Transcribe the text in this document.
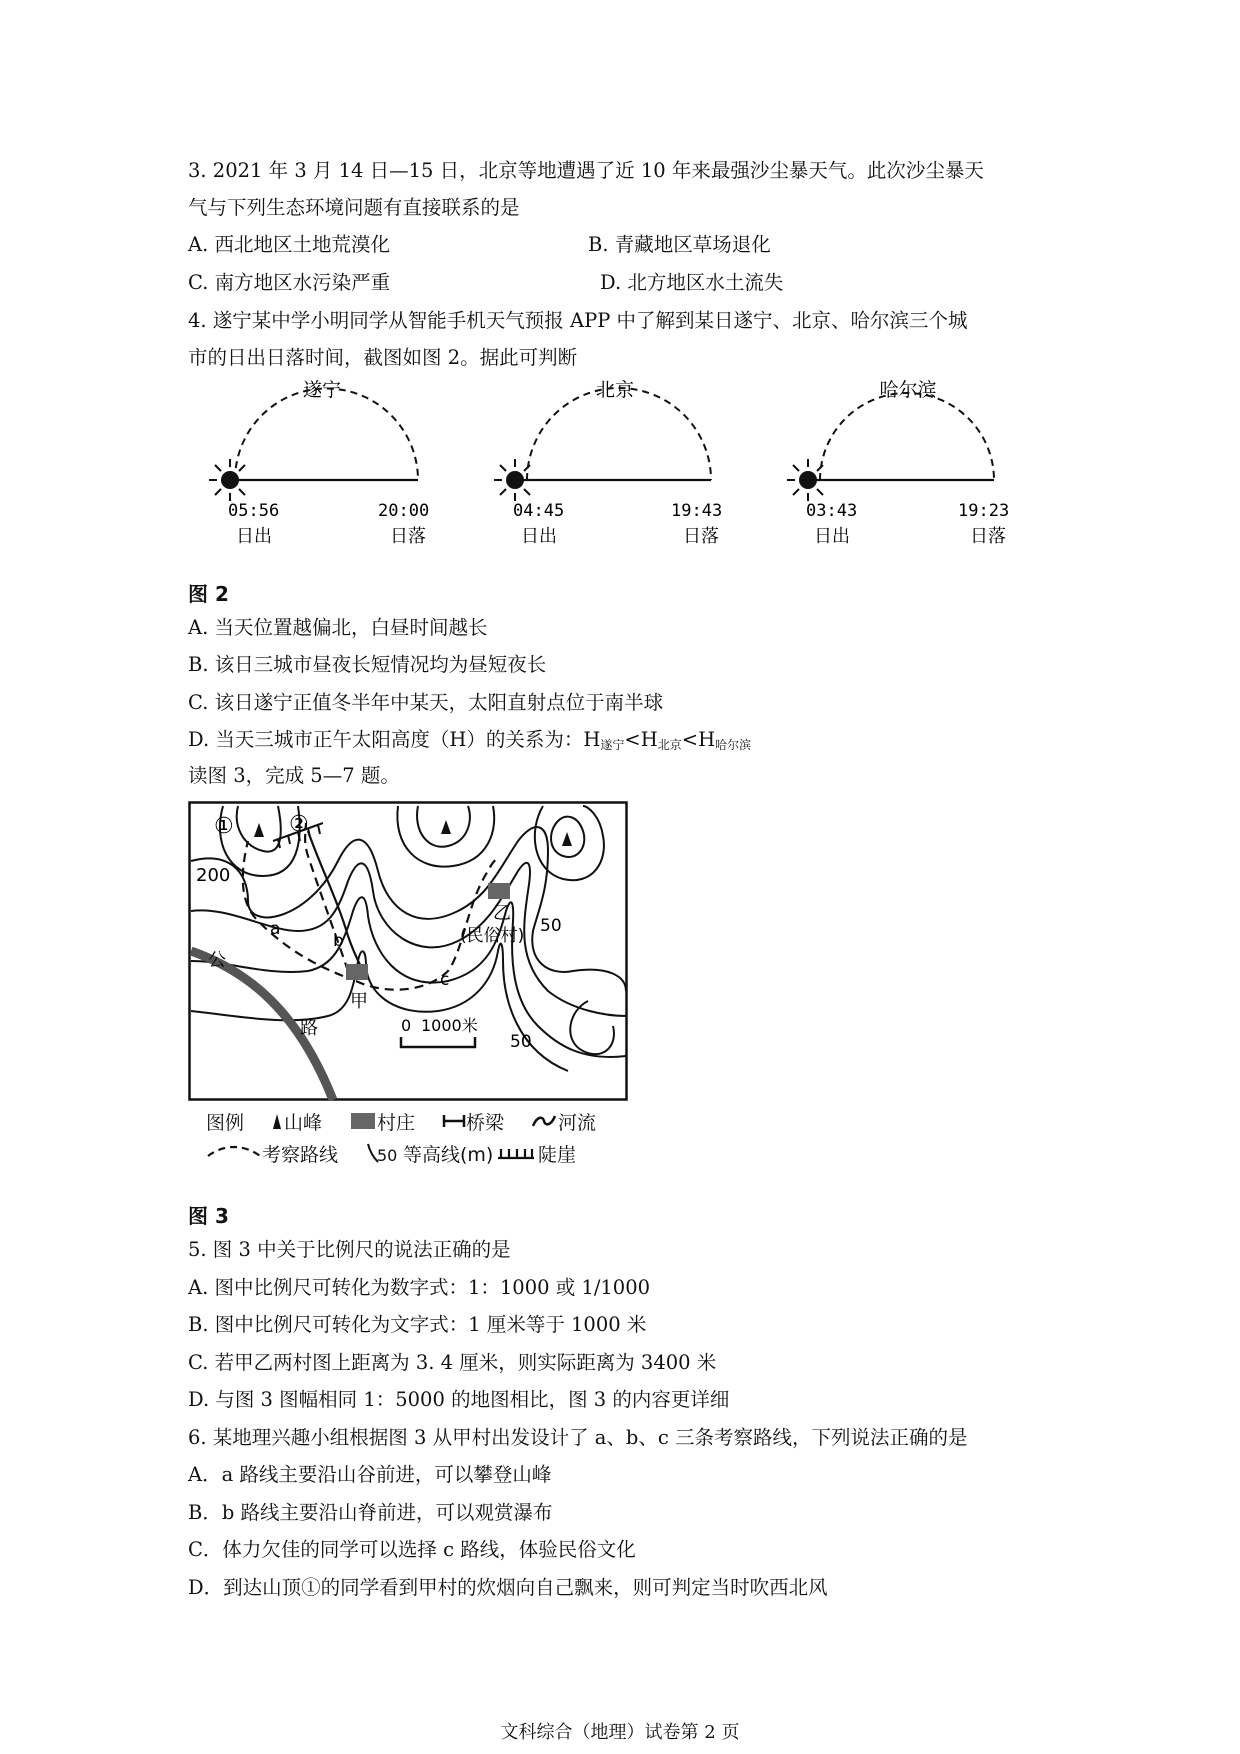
3. 2021 年 3 月 14 日—15 日，北京等地遭遇了近 10 年来最强沙尘暴天气。此次沙尘暴天
气与下列生态环境问题有直接联系的是
A. 西北地区土地荒漠化	B. 青藏地区草场退化
C. 南方地区水污染严重	D. 北方地区水土流失
4. 遂宁某中学小明同学从智能手机天气预报 APP 中了解到某日遂宁、北京、哈尔滨三个城
市的日出日落时间，截图如图 2。据此可判断
遂宁
05:56	20:00
日出	日落
北京
04:45	19:43
日出	日落
哈尔滨
03:43	19:23
日出	日落
图 2
A. 当天位置越偏北，白昼时间越长
B. 该日三城市昼夜长短情况均为昼短夜长
C. 该日遂宁正值冬半年中某天，太阳直射点位于南半球
D. 当天三城市正午太阳高度（H）的关系为：$H_{遂宁}<H_{北京}<H_{哈尔滨}$
读图 3，完成 5—7 题。
①	②
200
50
50
a
b
c
甲
乙
(民俗村)
公
路	0 1000米
图例 山峰	村庄	桥梁	河流
考察路线 50 等高线(m) 陡崖
图 3
5. 图 3 中关于比例尺的说法正确的是
A. 图中比例尺可转化为数字式：1：1000 或 1/1000
B. 图中比例尺可转化为文字式：1 厘米等于 1000 米
C. 若甲乙两村图上距离为 3. 4 厘米，则实际距离为 3400 米
D. 与图 3 图幅相同 1：5000 的地图相比，图 3 的内容更详细
6. 某地理兴趣小组根据图 3 从甲村出发设计了 a、b、c 三条考察路线，下列说法正确的是
A．a 路线主要沿山谷前进，可以攀登山峰
B．b 路线主要沿山脊前进，可以观赏瀑布
C．体力欠佳的同学可以选择 c 路线，体验民俗文化
D．到达山顶①的同学看到甲村的炊烟向自己飘来，则可判定当时吹西北风
文科综合（地理）试卷第 2 页
